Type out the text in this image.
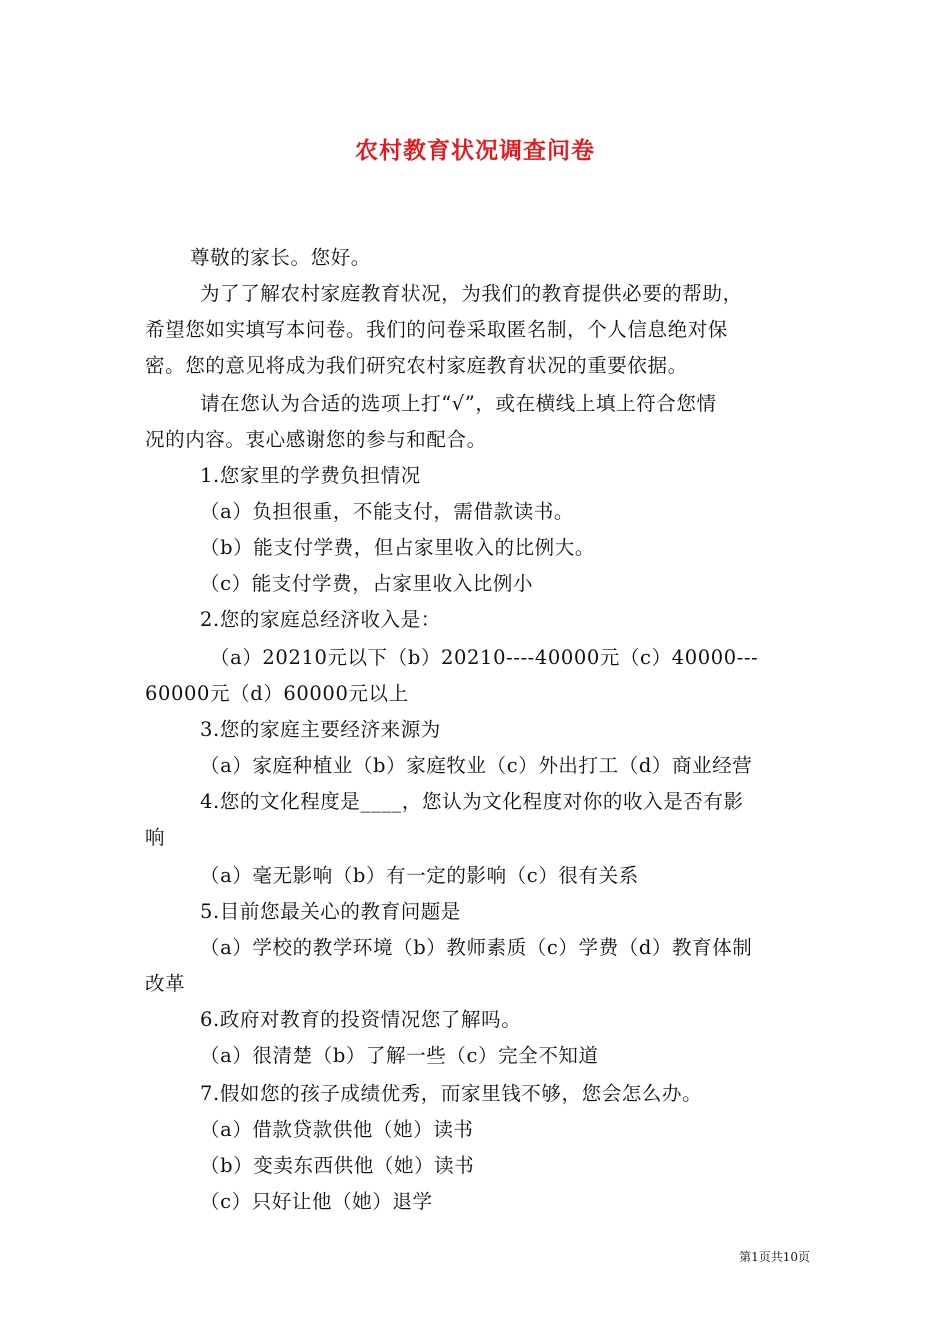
农村教育状况调查问卷
尊敬的家长。您好。
为了了解农村家庭教育状况，为我们的教育提供必要的帮助，
希望您如实填写本问卷。我们的问卷采取匿名制，个人信息绝对保
密。您的意见将成为我们研究农村家庭教育状况的重要依据。
请在您认为合适的选项上打“√”，或在横线上填上符合您情
况的内容。衷心感谢您的参与和配合。
1.您家里的学费负担情况
（a）负担很重，不能支付，需借款读书。
（b）能支付学费，但占家里收入的比例大。
（c）能支付学费，占家里收入比例小
2.您的家庭总经济收入是：
（a）20210元以下（b）20210----40000元（c）40000---
60000元（d）60000元以上
3.您的家庭主要经济来源为
（a）家庭种植业（b）家庭牧业（c）外出打工（d）商业经营
4.您的文化程度是____，您认为文化程度对你的收入是否有影
响
（a）毫无影响（b）有一定的影响（c）很有关系
5.目前您最关心的教育问题是
（a）学校的教学环境（b）教师素质（c）学费（d）教育体制
改革
6.政府对教育的投资情况您了解吗。
（a）很清楚（b）了解一些（c）完全不知道
7.假如您的孩子成绩优秀，而家里钱不够，您会怎么办。
（a）借款贷款供他（她）读书
（b）变卖东西供他（她）读书
（c）只好让他（她）退学
第1页共10页
